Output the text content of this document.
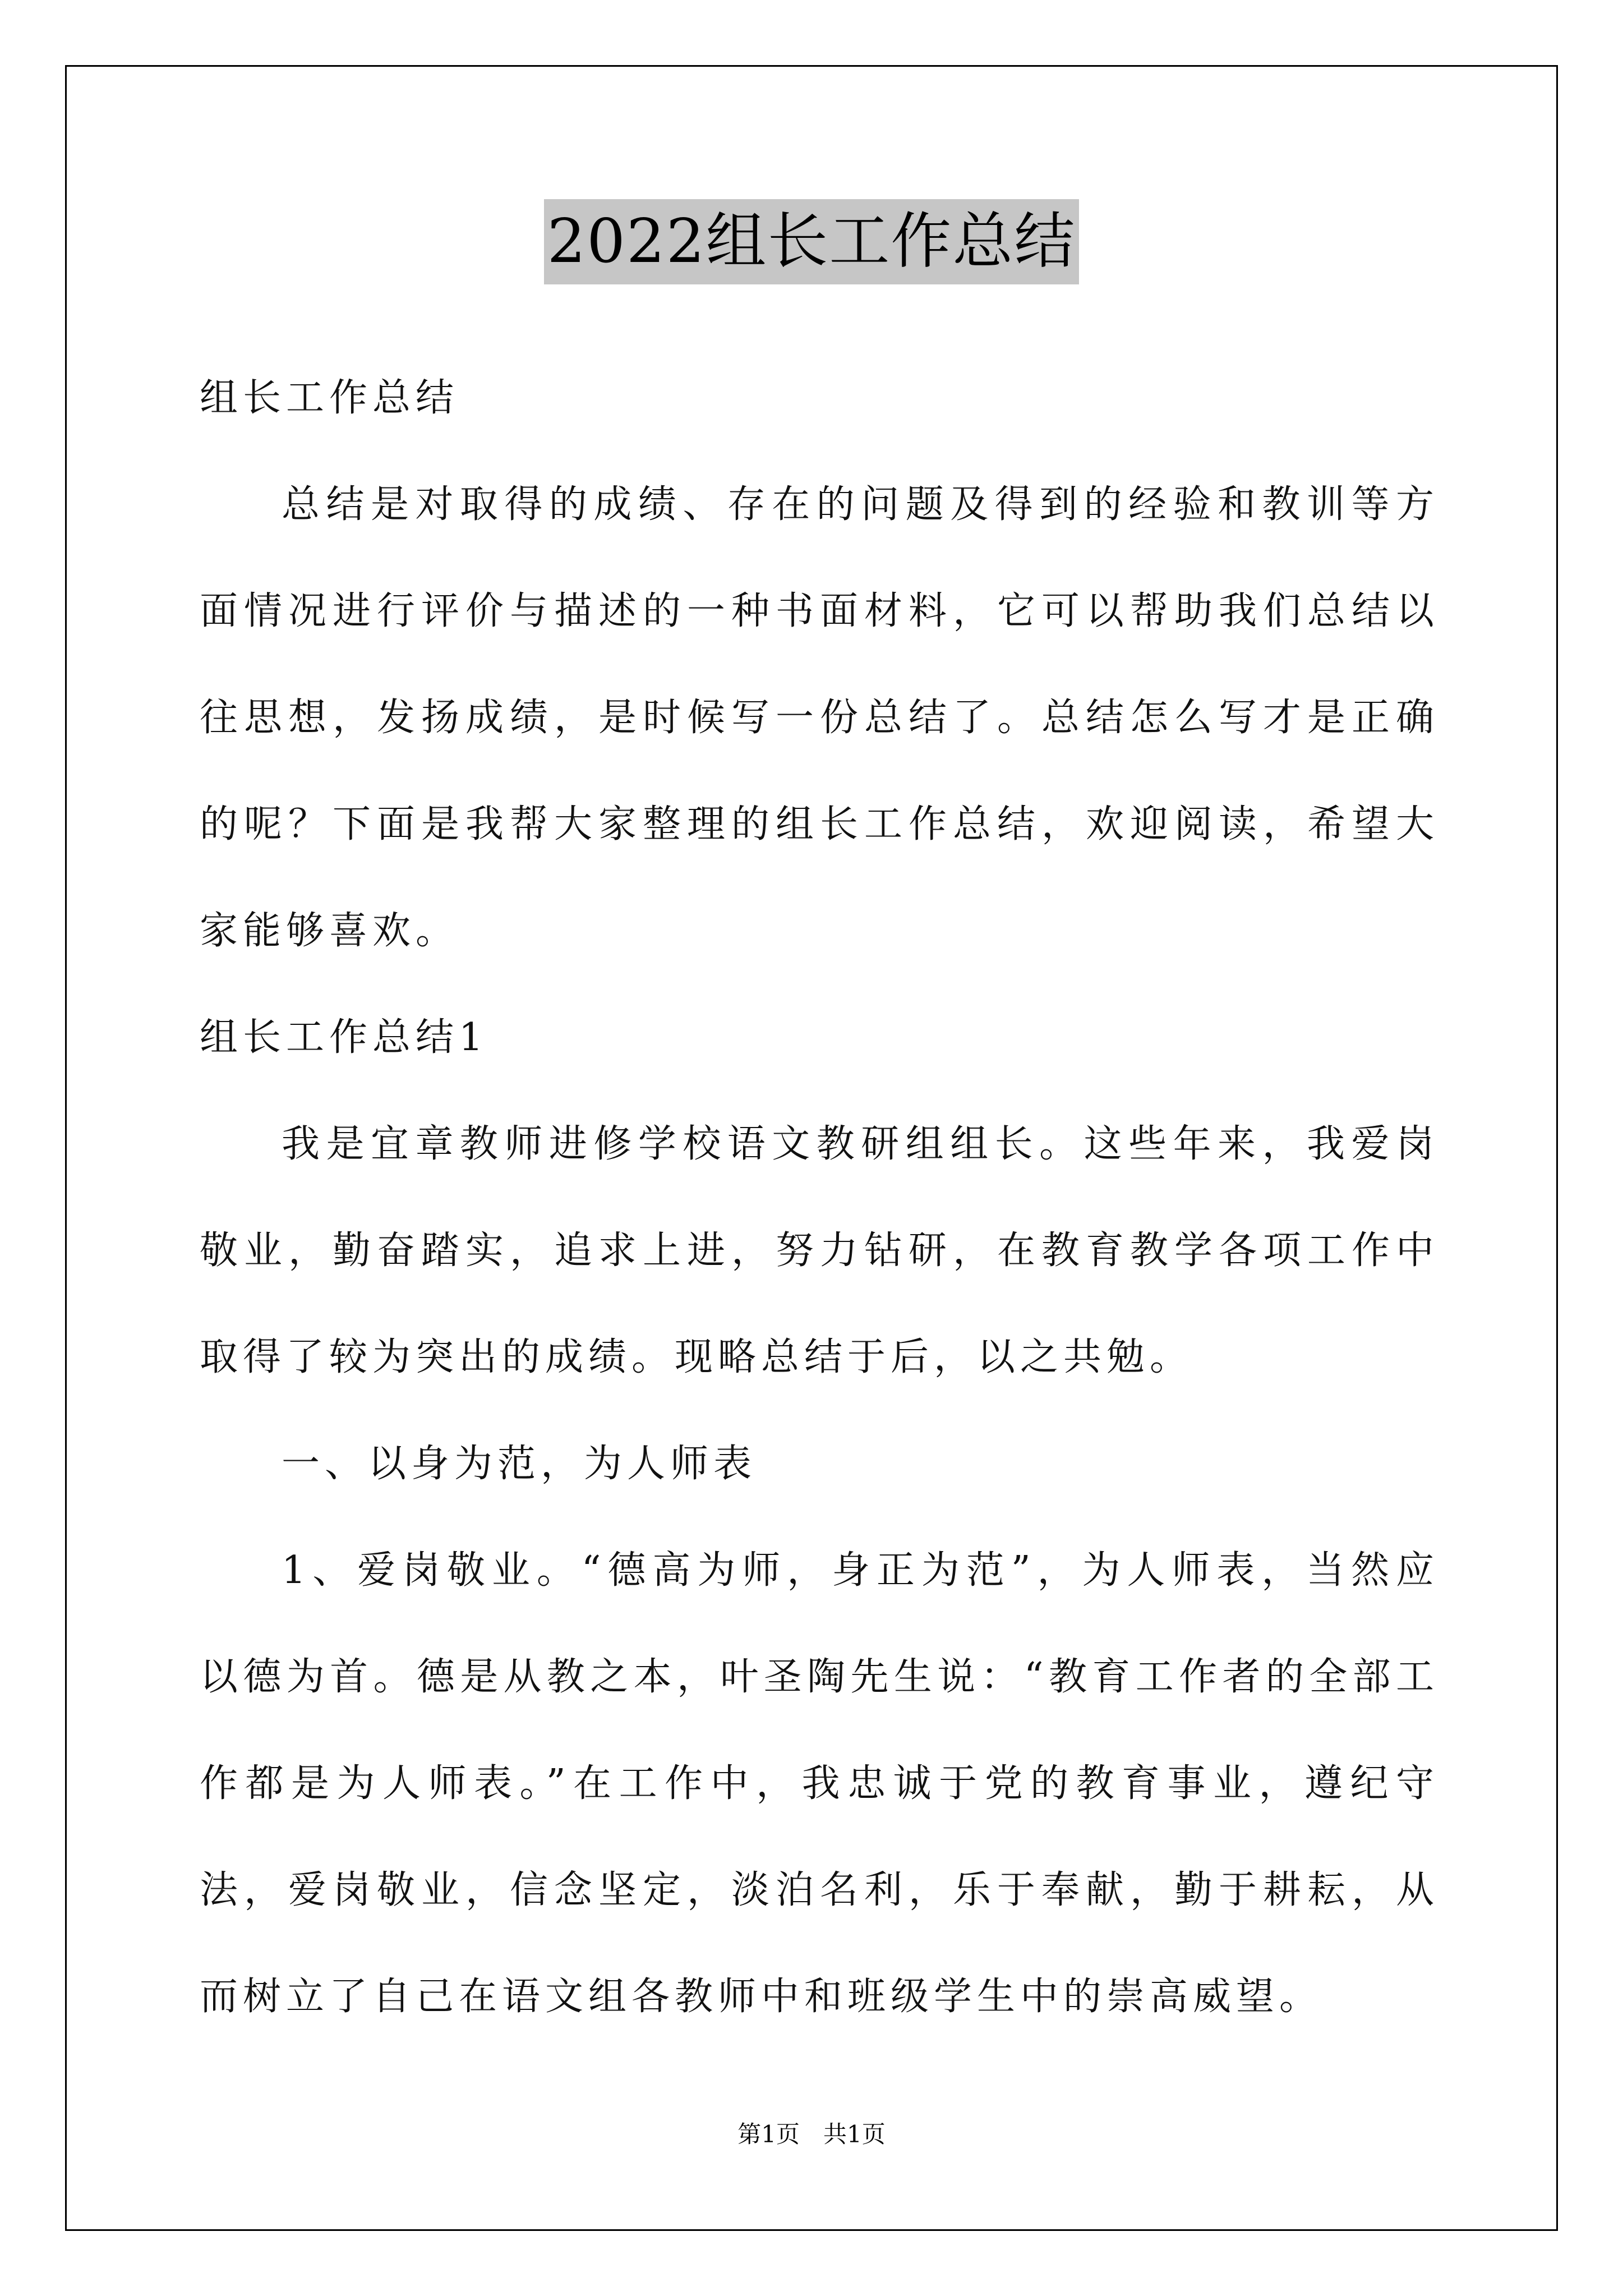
2022组长工作总结

组长工作总结

总结是对取得的成绩、存在的问题及得到的经验和教训等方面情况进行评价与描述的一种书面材料，它可以帮助我们总结以往思想，发扬成绩，是时候写一份总结了。总结怎么写才是正确的呢？下面是我帮大家整理的组长工作总结，欢迎阅读，希望大家能够喜欢。

组长工作总结1

我是宜章教师进修学校语文教研组组长。这些年来，我爱岗敬业，勤奋踏实，追求上进，努力钻研，在教育教学各项工作中取得了较为突出的成绩。现略总结于后，以之共勉。

一、以身为范，为人师表

1、爱岗敬业。“德高为师，身正为范”，为人师表，当然应以德为首。德是从教之本，叶圣陶先生说：“教育工作者的全部工作都是为人师表。”在工作中，我忠诚于党的教育事业，遵纪守法，爱岗敬业，信念坚定，淡泊名利，乐于奉献，勤于耕耘，从而树立了自己在语文组各教师中和班级学生中的崇高威望。

第1页　共1页
